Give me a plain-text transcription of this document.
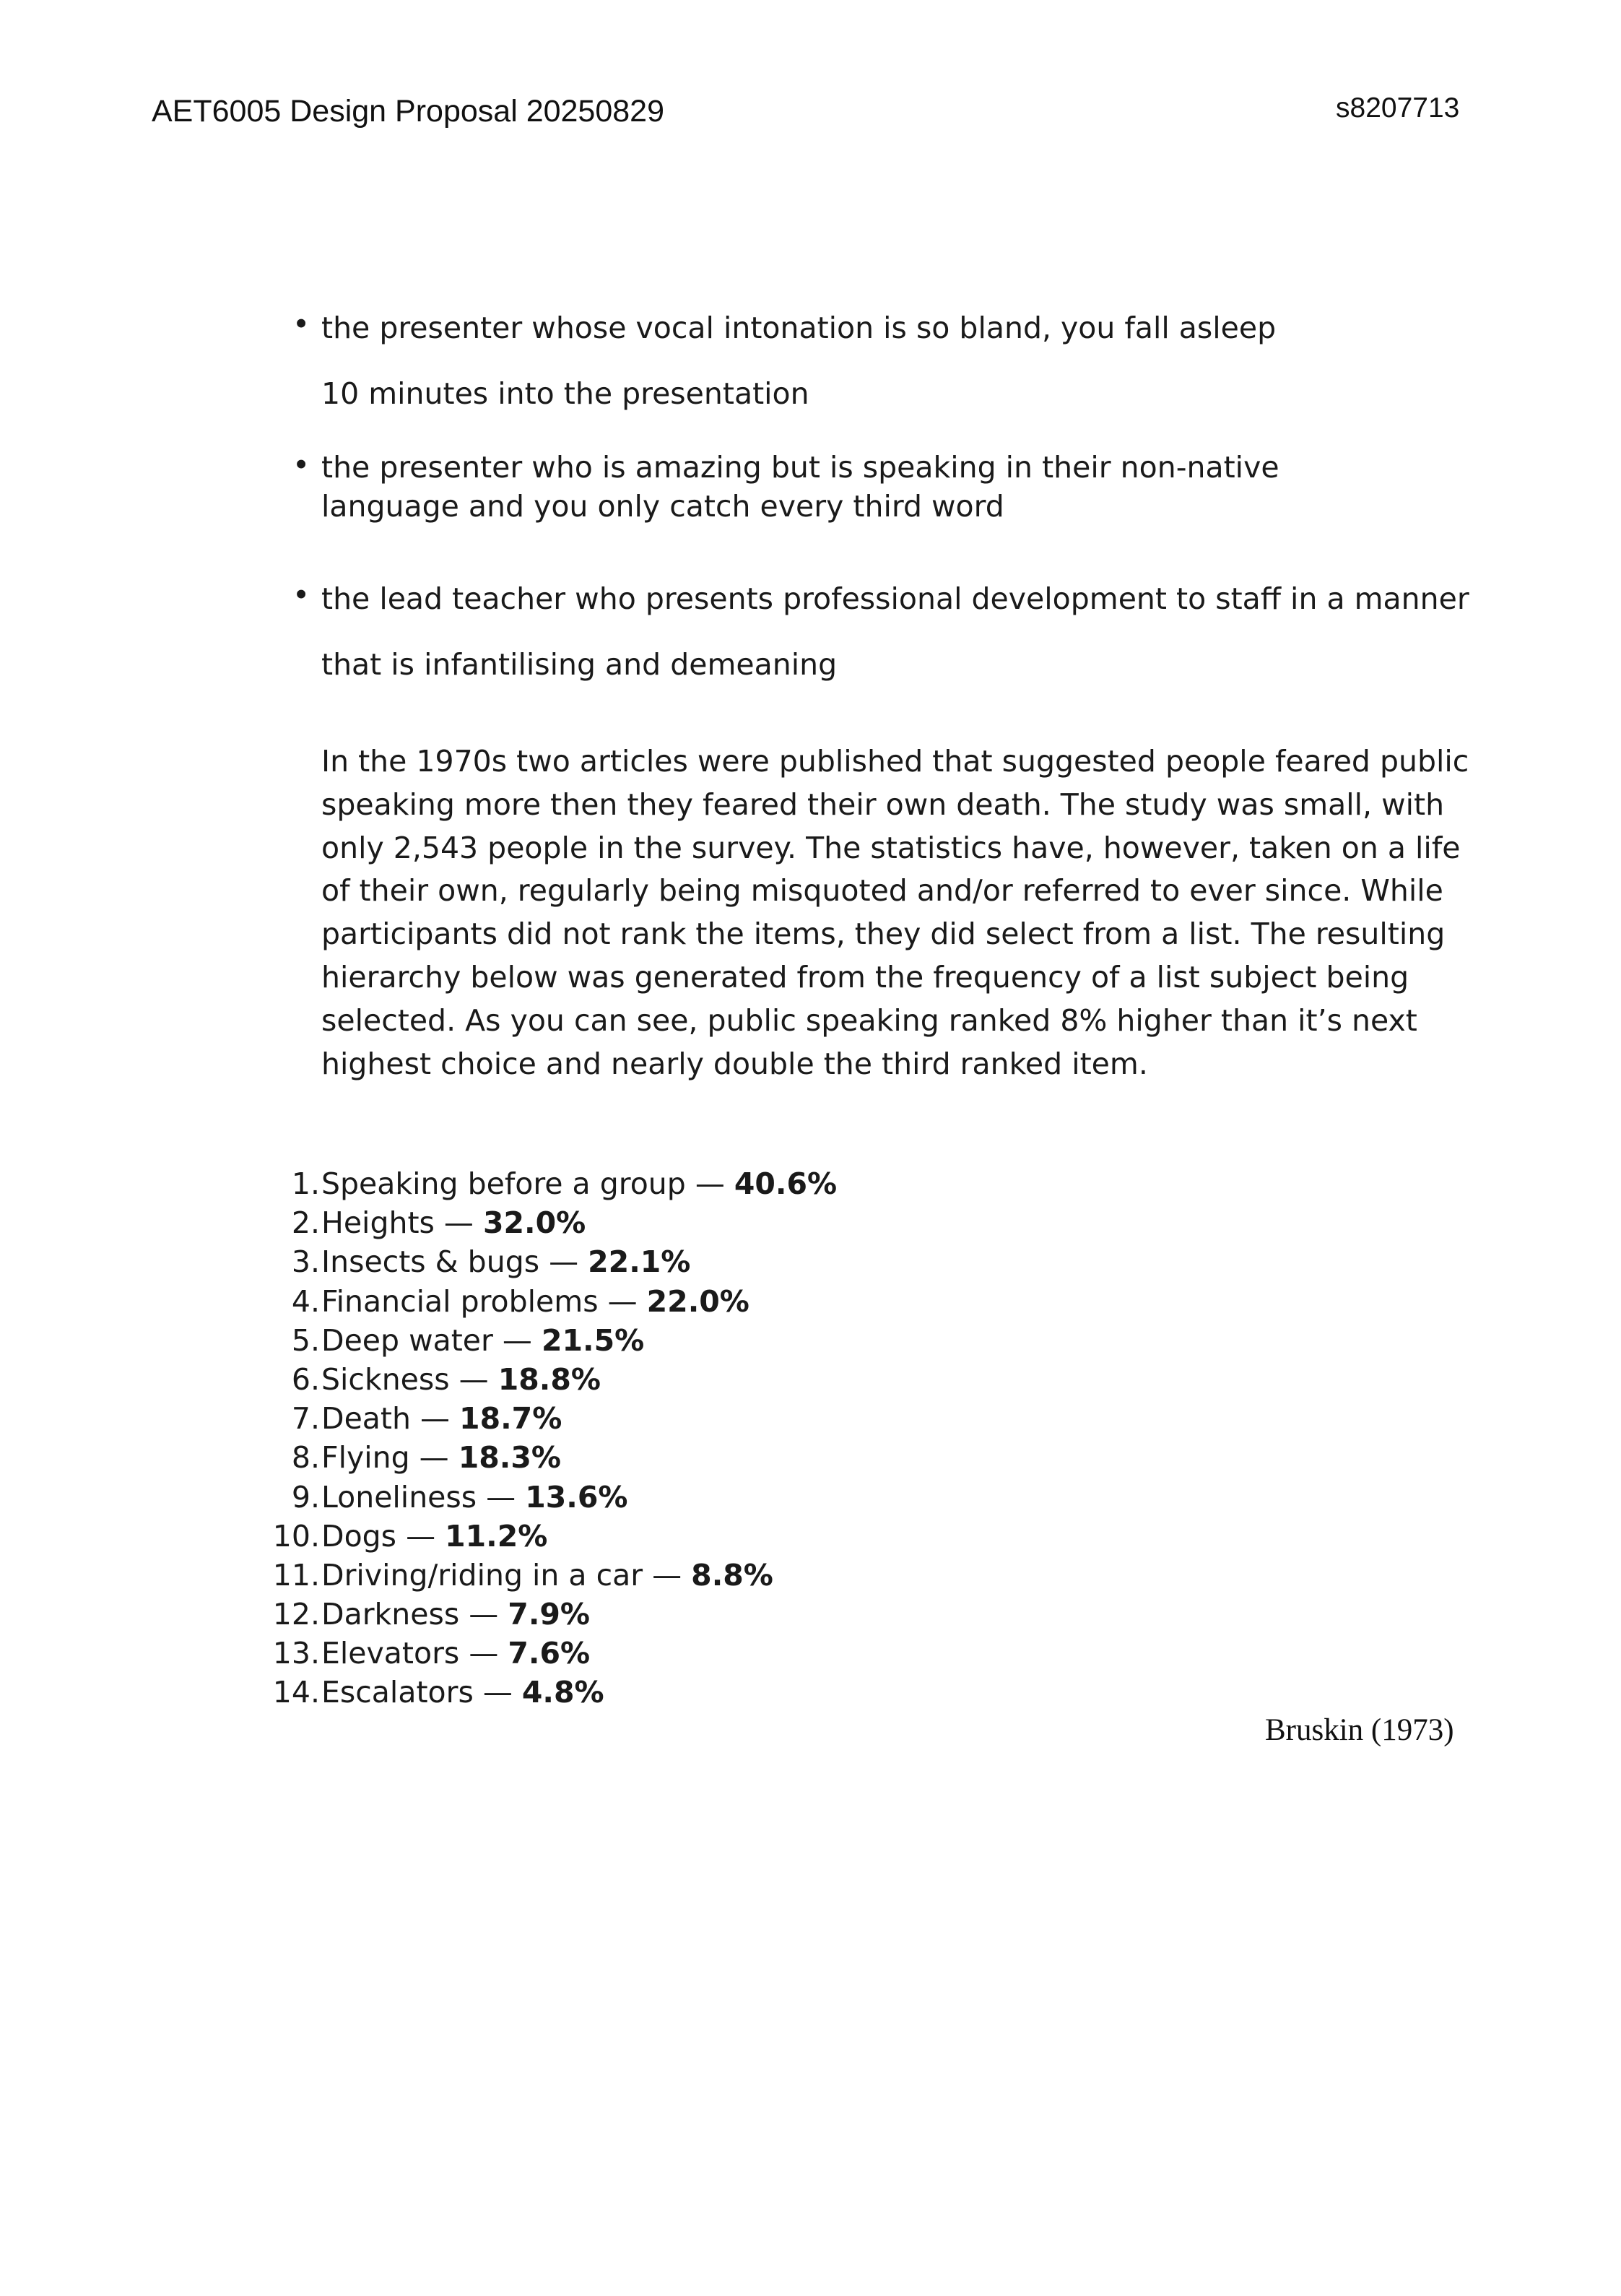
AET6005 Design Proposal 20250829	s8207713
• the presenter whose vocal intonation is so bland, you fall asleep
10 minutes into the presentation
• the presenter who is amazing but is speaking in their non-native
language and you only catch every third word
• the lead teacher who presents professional development to staff in a manner
that is infantilising and demeaning
In the 1970s two articles were published that suggested people feared public
speaking more then they feared their own death. The study was small, with
only 2,543 people in the survey. The statistics have, however, taken on a life
of their own, regularly being misquoted and/or referred to ever since. While
participants did not rank the items, they did select from a list. The resulting
hierarchy below was generated from the frequency of a list subject being
selected. As you can see, public speaking ranked 8% higher than it’s next
highest choice and nearly double the third ranked item.
1.Speaking before a group — 40.6%
2.Heights — 32.0%
3.Insects & bugs — 22.1%
4.Financial problems — 22.0%
5.Deep water — 21.5%
6.Sickness — 18.8%
7.Death — 18.7%
8.Flying — 18.3%
9.Loneliness — 13.6%
10.Dogs — 11.2%
11.Driving/riding in a car — 8.8%
12.Darkness — 7.9%
13.Elevators — 7.6%
14.Escalators — 4.8%
Bruskin (1973)
